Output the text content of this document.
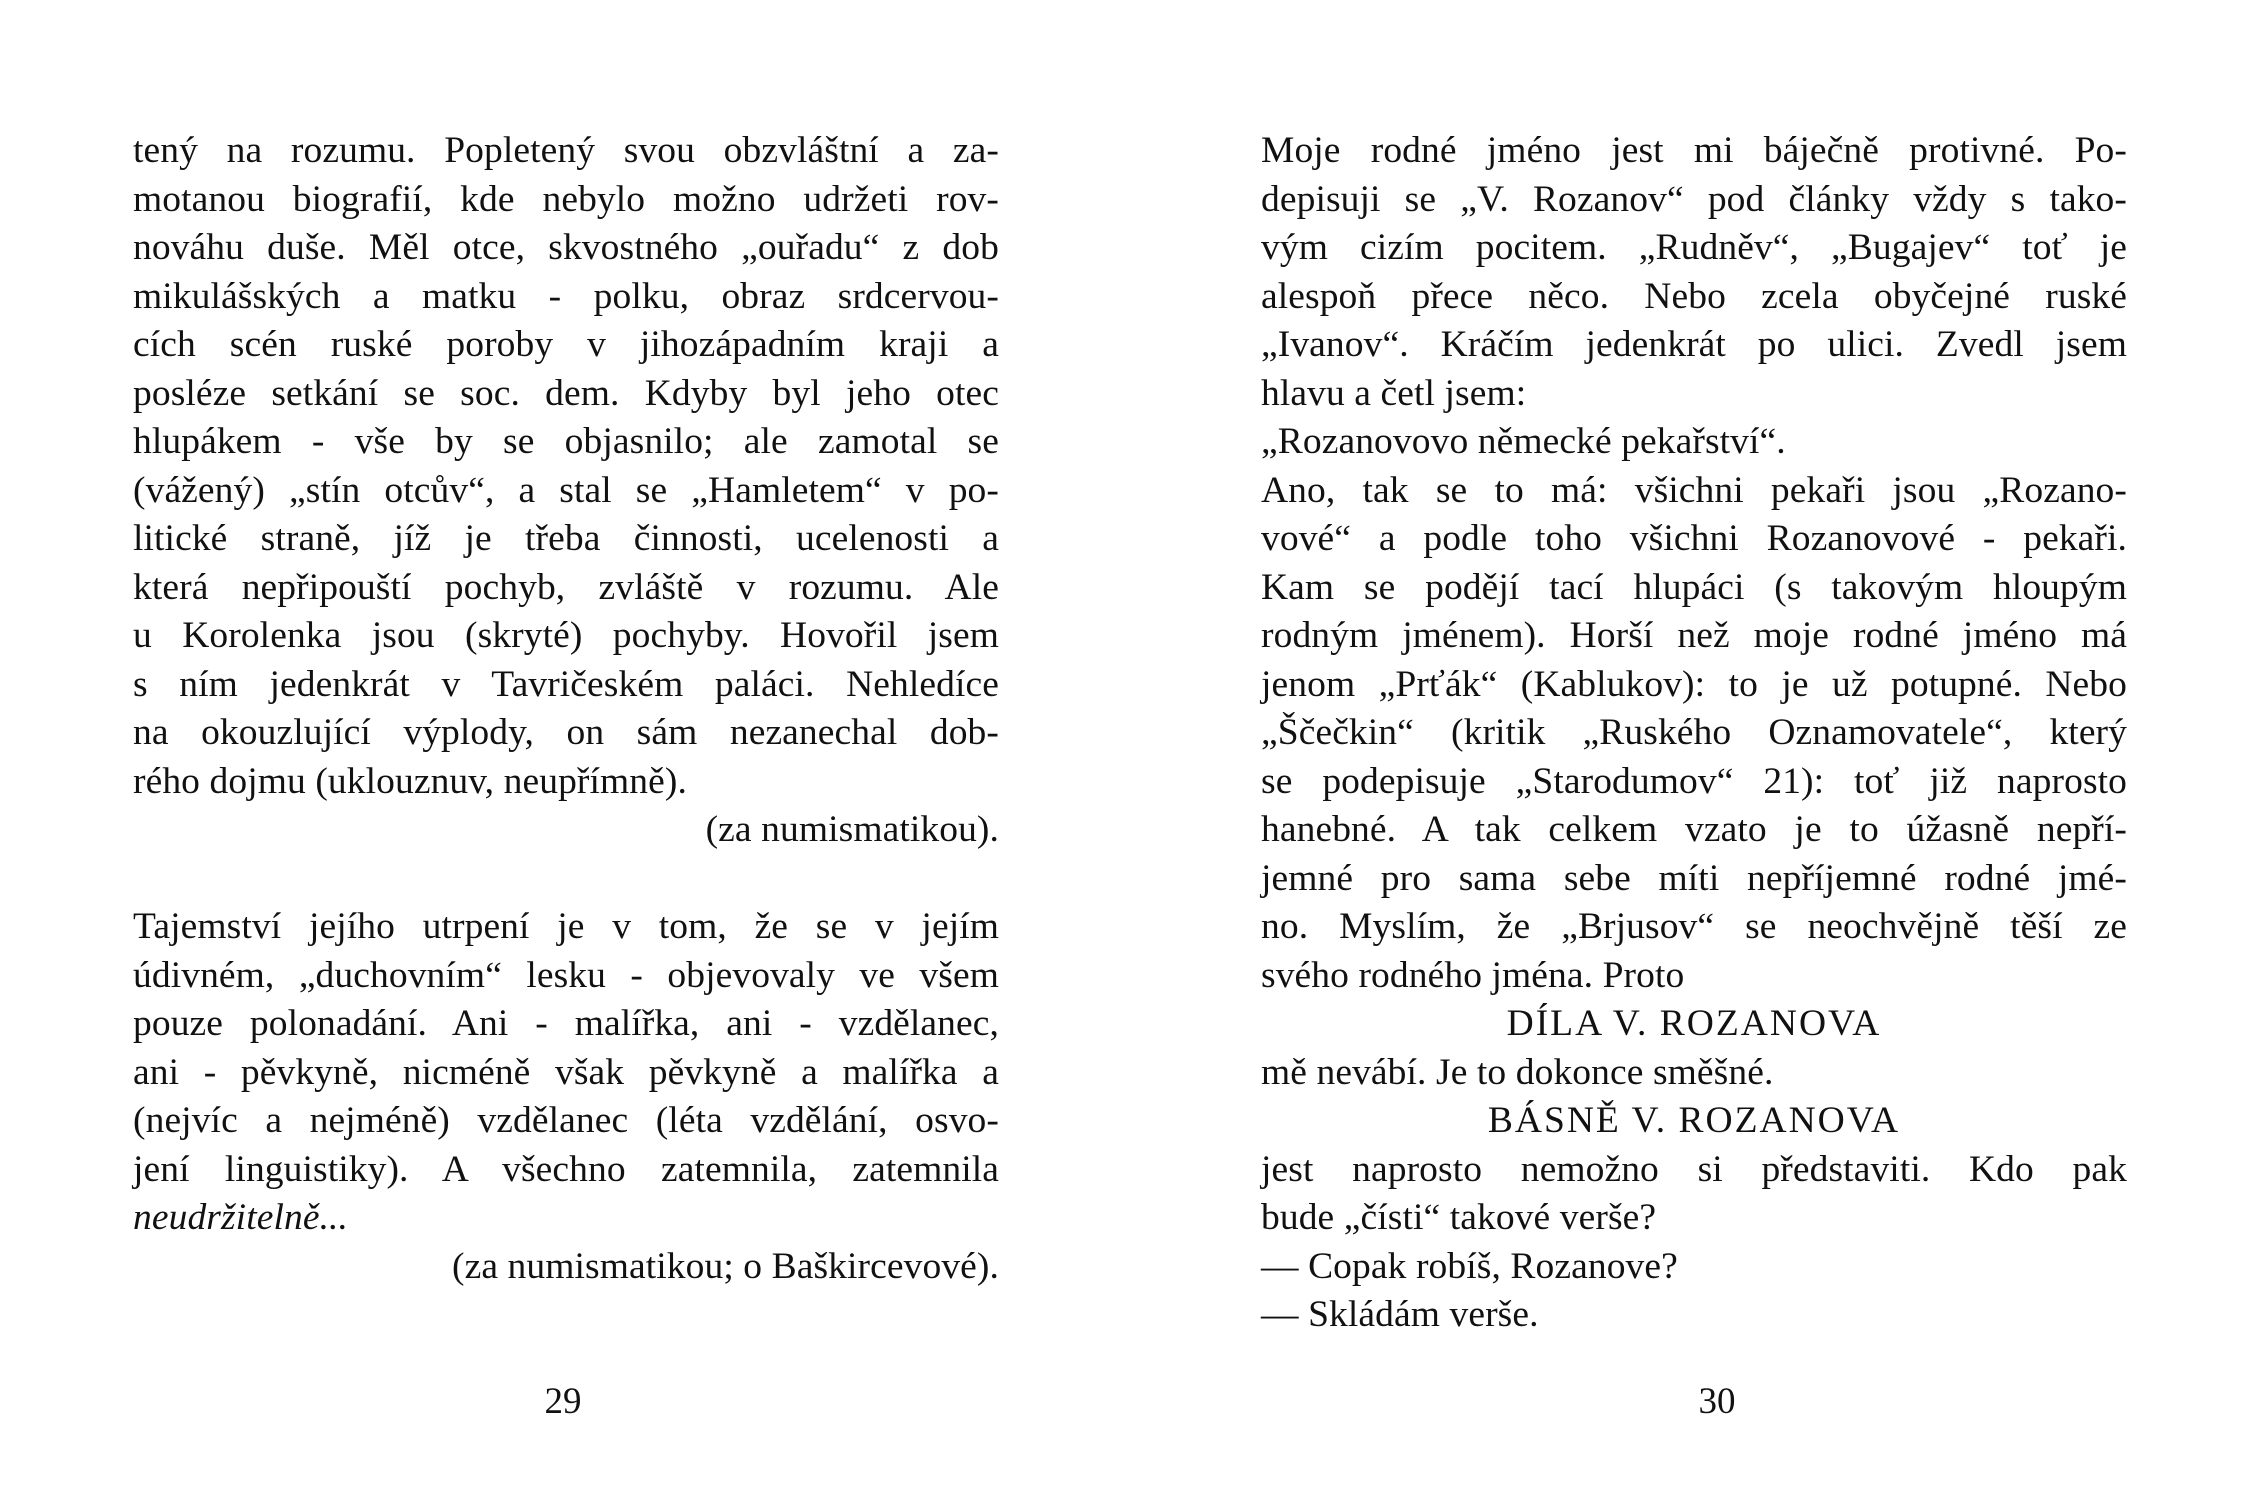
tený na rozumu. Popletený svou obzvláštní a za-
motanou biografií, kde nebylo možno udržeti rov-
nováhu duše. Měl otce, skvostného „ouřadu“ z dob
mikulášských a matku - polku, obraz srdcervou-
cích scén ruské poroby v jihozápadním kraji a
posléze setkání se soc. dem. Kdyby byl jeho otec
hlupákem - vše by se objasnilo; ale zamotal se
(vážený) „stín otcův“, a stal se „Hamletem“ v po-
litické straně, jíž je třeba činnosti, ucelenosti a
která nepřipouští pochyb, zvláště v rozumu. Ale
u Korolenka jsou (skryté) pochyby. Hovořil jsem
s ním jedenkrát v Tavričeském paláci. Nehledíce
na okouzlující výplody, on sám nezanechal dob-
rého dojmu (uklouznuv, neupřímně).
(za numismatikou).
Tajemství jejího utrpení je v tom, že se v jejím
údivném, „duchovním“ lesku - objevovaly ve všem
pouze polonadání. Ani - malířka, ani - vzdělanec,
ani - pěvkyně, nicméně však pěvkyně a malířka a
(nejvíc a nejméně) vzdělanec (léta vzdělání, osvo-
jení linguistiky). A všechno zatemnila, zatemnila
neudržitelně...
(za numismatikou; o Baškircevové).
29
Moje rodné jméno jest mi báječně protivné. Po-
depisuji se „V. Rozanov“ pod články vždy s tako-
vým cizím pocitem. „Rudněv“, „Bugajev“ toť je
alespoň přece něco. Nebo zcela obyčejné ruské
„Ivanov“. Kráčím jedenkrát po ulici. Zvedl jsem
hlavu a četl jsem:
„Rozanovovo německé pekařství“.
Ano, tak se to má: všichni pekaři jsou „Rozano-
vové“ a podle toho všichni Rozanovové - pekaři.
Kam se podějí tací hlupáci (s takovým hloupým
rodným jménem). Horší než moje rodné jméno má
jenom „Prťák“ (Kablukov): to je už potupné. Nebo
„Ščečkin“ (kritik „Ruského Oznamovatele“, který
se podepisuje „Starodumov“ 21): toť již naprosto
hanebné. A tak celkem vzato je to úžasně nepří-
jemné pro sama sebe míti nepříjemné rodné jmé-
no. Myslím, že „Brjusov“ se neochvějně těší ze
svého rodného jména. Proto
DÍLA V. ROZANOVA
mě nevábí. Je to dokonce směšné.
BÁSNĚ V. ROZANOVA
jest naprosto nemožno si představiti. Kdo pak
bude „čísti“ takové verše?
— Copak robíš, Rozanove?
— Skládám verše.
30
